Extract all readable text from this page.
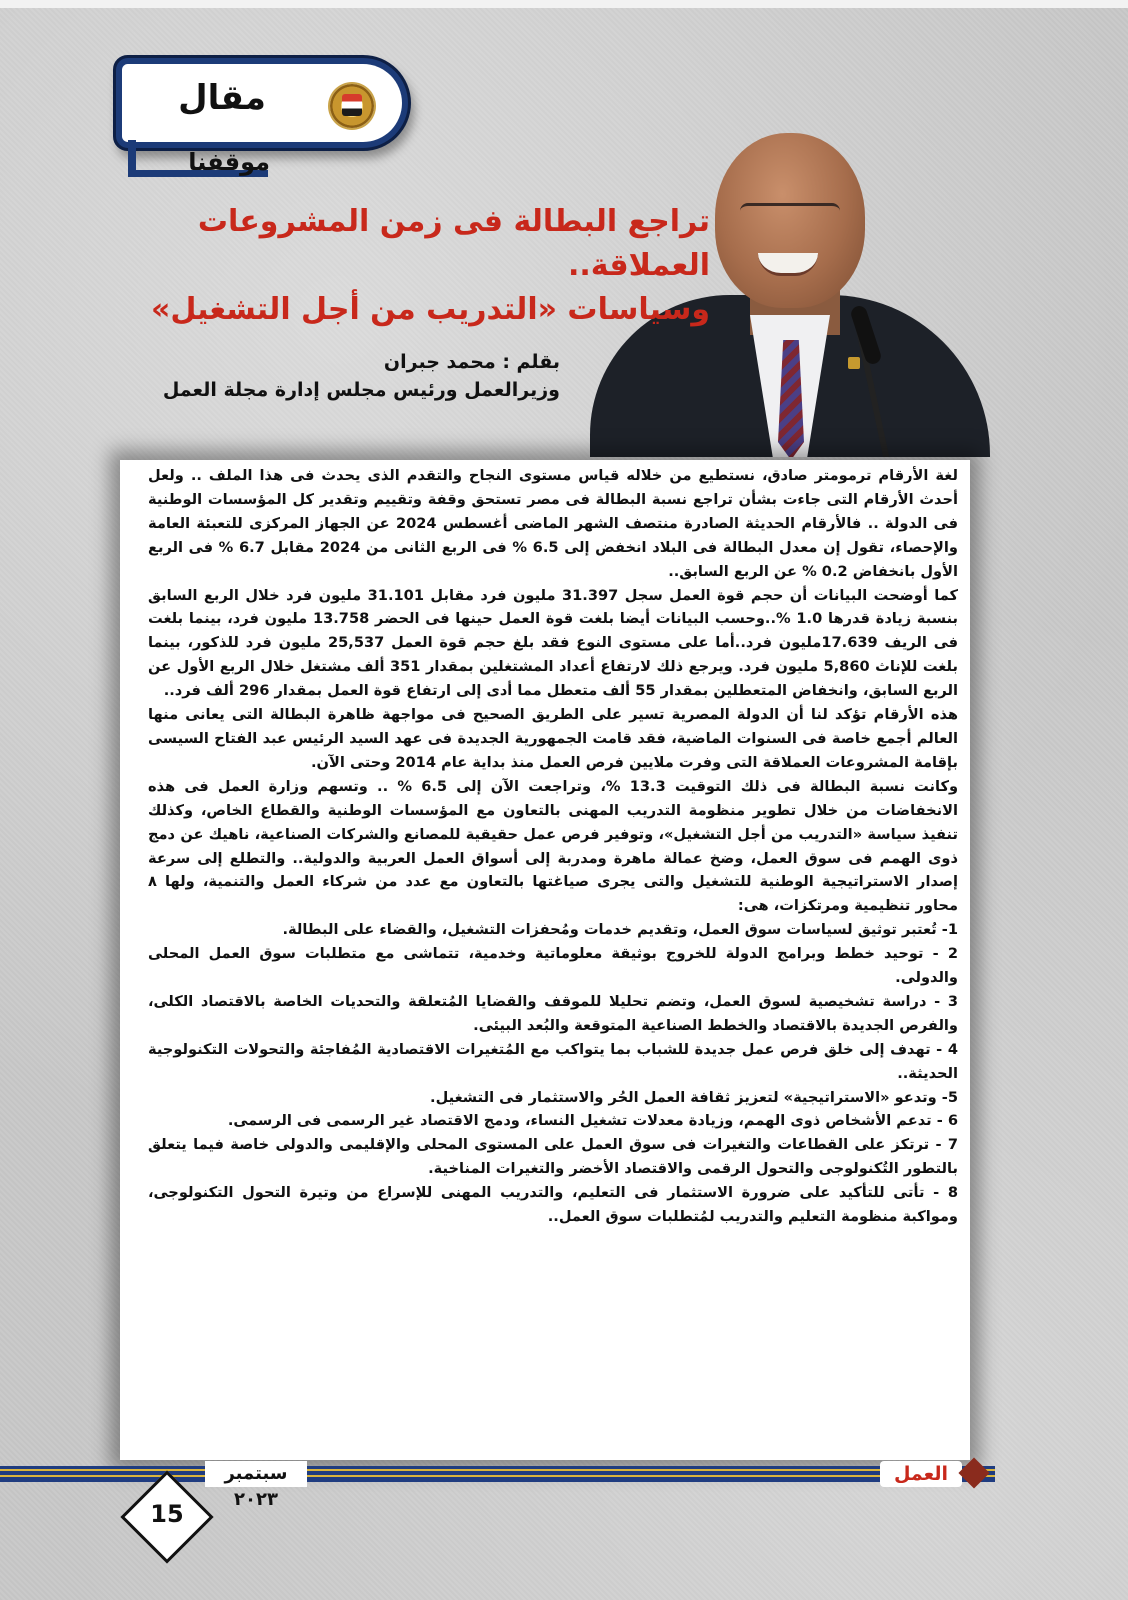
مقال
موقفنا
تراجع البطالة فى زمن المشروعات العملاقة..
وسياسات «التدريب من أجل التشغيل»
بقلم : محمد جبران
وزيرالعمل ورئيس مجلس إدارة مجلة العمل

لغة الأرقام ترمومتر صادق، نستطيع من خلاله قياس مستوى النجاح والتقدم الذى يحدث فى هذا الملف .. ولعل أحدث الأرقام التى جاءت بشأن تراجع نسبة البطالة فى مصر تستحق وقفة وتقييم وتقدير كل المؤسسات الوطنية فى الدولة .. فالأرقام الحديثة الصادرة منتصف الشهر الماضى أغسطس 2024 عن الجهاز المركزى للتعبئة العامة والإحصاء، تقول إن معدل البطالة فى البلاد انخفض إلى 6.5 % فى الربع الثانى من 2024 مقابل 6.7 % فى الربع الأول بانخفاض 0.2 % عن الربع السابق..

كما أوضحت البيانات أن حجم قوة العمل سجل 31.397 مليون فرد مقابل 31.101 مليون فرد خلال الربع السابق بنسبة زيادة قدرها 1.0 %..وحسب البيانات أيضا بلغت قوة العمل حينها فى الحضر 13.758 مليون فرد، بينما بلغت فى الريف 17.639مليون فرد..أما على مستوى النوع فقد بلغ حجم قوة العمل 25,537 مليون فرد للذكور، بينما بلغت للإناث 5,860 مليون فرد. ويرجع ذلك لارتفاع أعداد المشتغلين بمقدار 351 ألف مشتغل خلال الربع الأول عن الربع السابق، وانخفاض المتعطلين بمقدار 55 ألف متعطل مما أدى إلى ارتفاع قوة العمل بمقدار 296 ألف فرد..

هذه الأرقام تؤكد لنا أن الدولة المصرية تسير على الطريق الصحيح فى مواجهة ظاهرة البطالة التى يعانى منها العالم أجمع خاصة فى السنوات الماضية، فقد قامت الجمهورية الجديدة فى عهد السيد الرئيس عبد الفتاح السيسى بإقامة المشروعات العملاقة التى وفرت ملايين فرص العمل منذ بداية عام 2014 وحتى الآن.

وكانت نسبة البطالة فى ذلك التوقيت 13.3 %، وتراجعت الآن إلى 6.5 % .. وتسهم وزارة العمل فى هذه الانخفاضات من خلال تطوير منظومة التدريب المهنى بالتعاون مع المؤسسات الوطنية والقطاع الخاص، وكذلك تنفيذ سياسة «التدريب من أجل التشغيل»، وتوفير فرص عمل حقيقية للمصانع والشركات الصناعية، ناهيك عن دمج ذوى الهمم فى سوق العمل، وضخ عمالة ماهرة ومدربة إلى أسواق العمل العربية والدولية.. والتطلع إلى سرعة إصدار الاستراتيجية الوطنية للتشغيل والتى يجرى صياغتها بالتعاون مع عدد من شركاء العمل والتنمية، ولها ٨ محاور تنظيمية ومرتكزات، هى:

1- تُعتبر توثيق لسياسات سوق العمل، وتقديم خدمات ومُحفزات التشغيل، والقضاء على البطالة.

2 - توحيد خطط وبرامج الدولة للخروج بوثيقة معلوماتية وخدمية، تتماشى مع متطلبات سوق العمل المحلى والدولى.

3 - دراسة تشخيصية لسوق العمل، وتضم تحليلا للموقف والقضايا المُتعلقة والتحديات الخاصة بالاقتصاد الكلى، والفرص الجديدة بالاقتصاد والخطط الصناعية المتوقعة والبُعد البيئى.

4 - تهدف إلى خلق فرص عمل جديدة للشباب بما يتواكب مع المُتغيرات الاقتصادية المُفاجئة والتحولات التكنولوجية الحديثة..

5- وتدعو «الاستراتيجية» لتعزيز ثقافة العمل الحُر والاستثمار فى التشغيل.

6 - تدعم الأشخاص ذوى الهمم، وزيادة معدلات تشغيل النساء، ودمج الاقتصاد غير الرسمى فى الرسمى.

7 - ترتكز على القطاعات والتغيرات فى سوق العمل على المستوى المحلى والإقليمى والدولى خاصة فيما يتعلق بالتطور التُكنولوجى والتحول الرقمى والاقتصاد الأخضر والتغيرات المناخية.

8 - تأتى للتأكيد على ضرورة الاستثمار فى التعليم، والتدريب المهنى للإسراع من وتيرة التحول التكنولوجى، ومواكبة منظومة التعليم والتدريب لمُتطلبات سوق العمل..

العمل
سبتمبر ٢٠٢٣
15
